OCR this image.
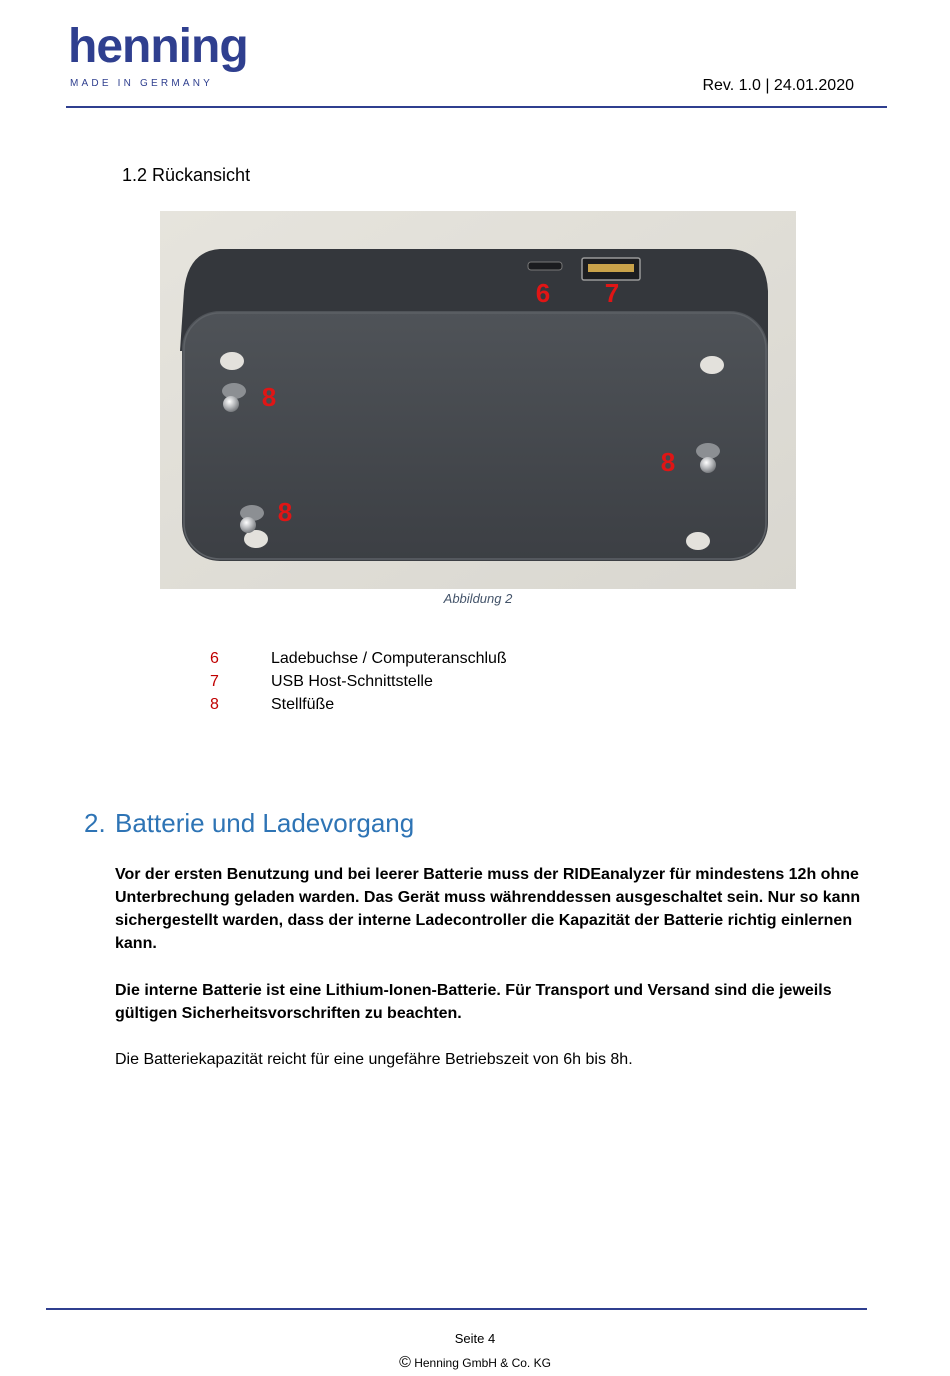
henning
MADE IN GERMANY	Rev. 1.0 | 24.01.2020
1.2 Rückansicht
6 7
8
8
8
Abbildung 2
6	Ladebuchse / Computeranschluß
7	USB Host-Schnittstelle
8	Stellfüße
2. Batterie und Ladevorgang
Vor der ersten Benutzung und bei leerer Batterie muss der RIDEanalyzer für mindestens 12h ohne Unterbrechung geladen warden. Das Gerät muss währenddessen ausgeschaltet sein. Nur so kann sichergestellt warden, dass der interne Ladecontroller die Kapazität der Batterie richtig einlernen kann.
Die interne Batterie ist eine Lithium-Ionen-Batterie. Für Transport und Versand sind die jeweils gültigen Sicherheitsvorschriften zu beachten.
Die Batteriekapazität reicht für eine ungefähre Betriebszeit von 6h bis 8h.
Seite 4
© Henning GmbH & Co. KG
